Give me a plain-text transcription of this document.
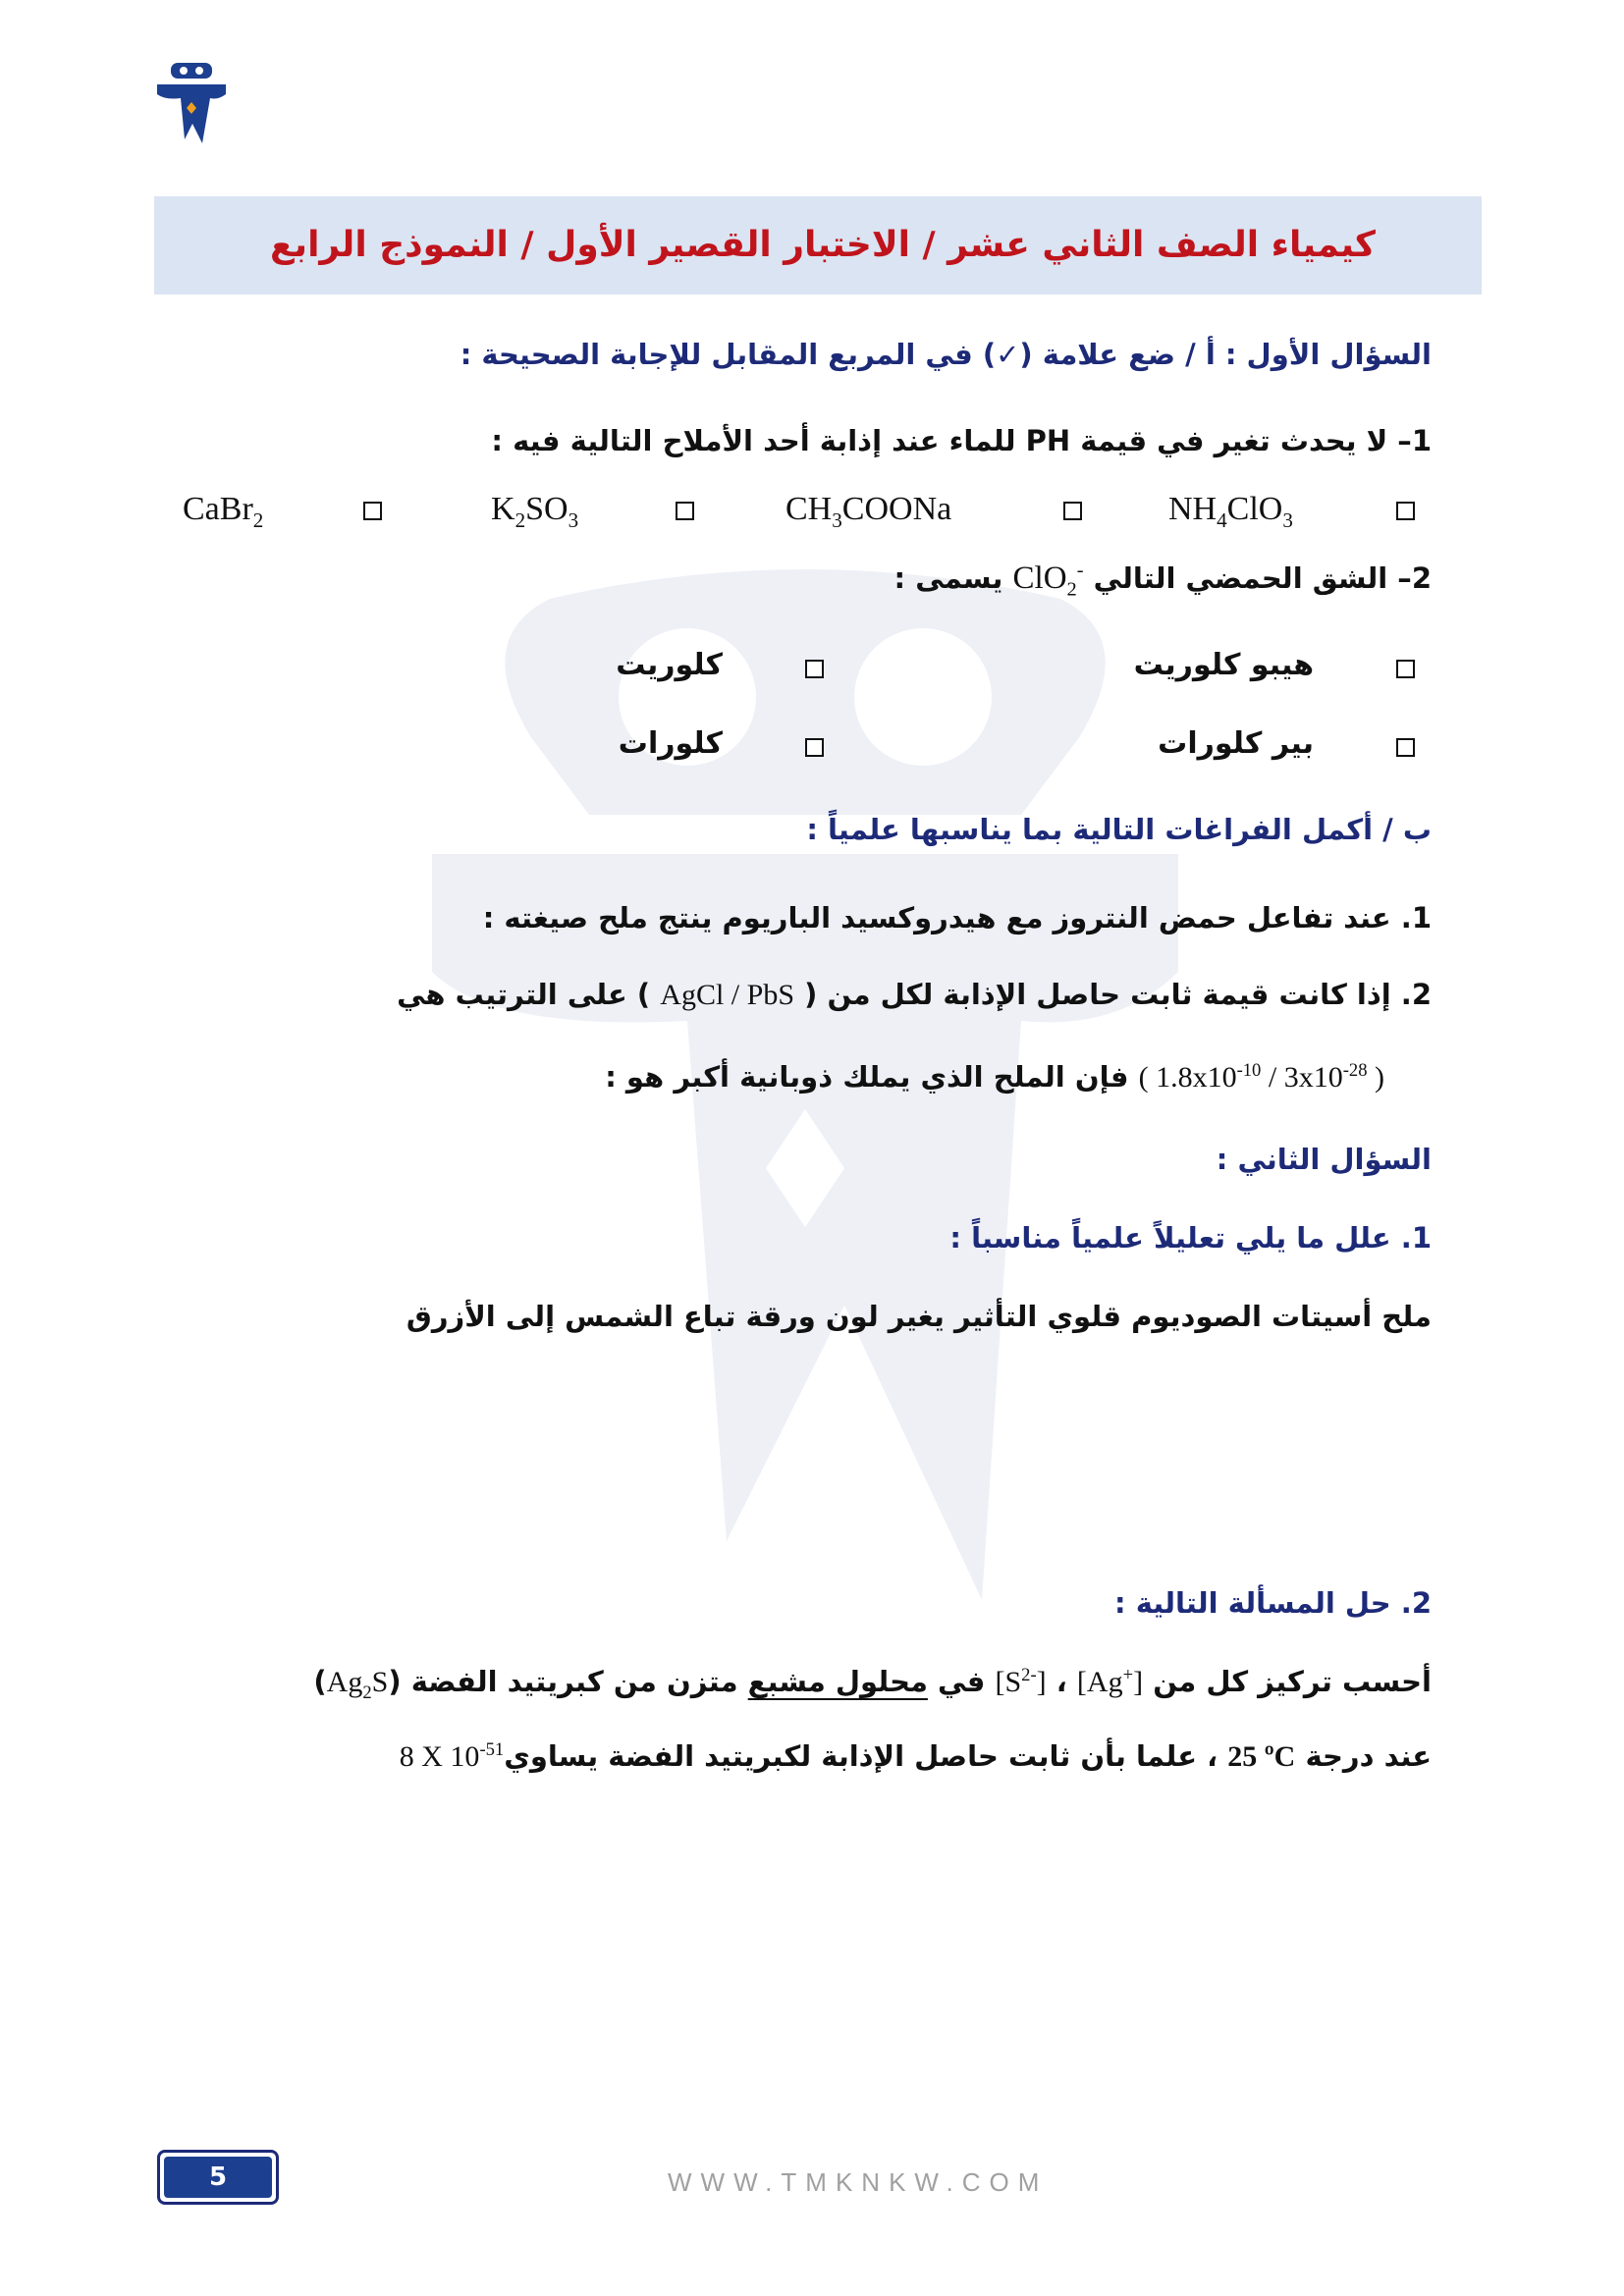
كيمياء الصف الثاني عشر / الاختبار القصير الأول / النموذج الرابع
السؤال الأول : أ / ضع علامة (✓) في المربع المقابل للإجابة الصحيحة :
1– لا يحدث تغير في قيمة PH للماء عند إذابة أحد الأملاح التالية فيه :
$NH_4ClO_3$
$CH_3COONa$
$K_2SO_3$
CaBr$_2$
2– الشق الحمضي التالي ClO$_2$- يسمى :
هيبو كلوريت
كلوريت
بير كلورات
كلورات
ب / أكمل الفراغات التالية بما يناسبها علمياً :
1. عند تفاعل حمض النتروز مع هيدروكسيد الباريوم ينتج ملح صيغته :
2. إذا كانت قيمة ثابت حاصل الإذابة لكل من ( AgCl / PbS ) على الترتيب هي
( $1.8x10^{-10} / 3x10^{-28}$ ) فإن الملح الذي يملك ذوبانية أكبر هو :
السؤال الثاني :
1. علل ما يلي تعليلاً علمياً مناسباً :
ملح أسيتات الصوديوم قلوي التأثير يغير لون ورقة تباع الشمس إلى الأزرق
2. حل المسألة التالية :
أحسب تركيز كل من [Ag+] ، $[S^{2-}]$ في محلول مشبع متزن من كبريتيد الفضة $(Ag_2S)$
عند درجة 25 ºC ، علما بأن ثابت حاصل الإذابة لكبريتيد الفضة يساوي8 X $10^{-51}$
5	WWW.TMKNKW.COM
